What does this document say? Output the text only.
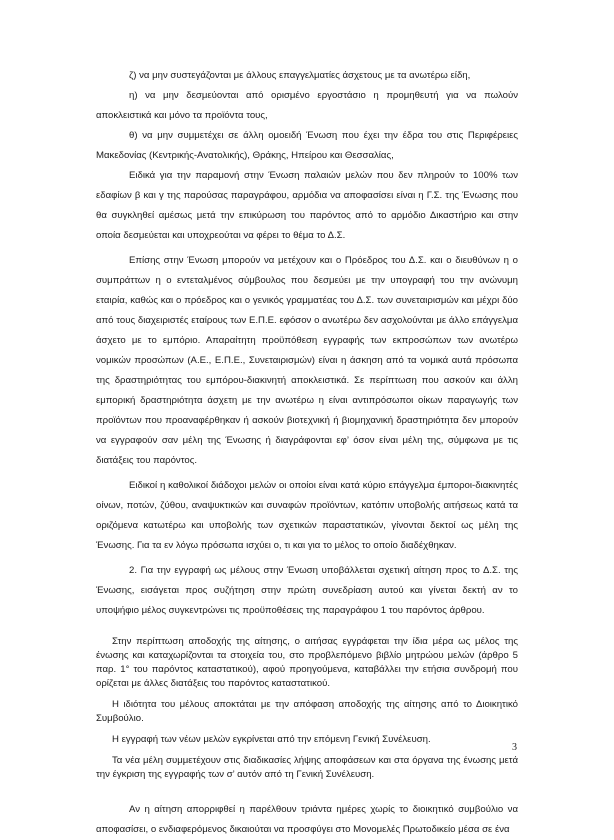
ζ) να μην συστεγάζονται με άλλους επαγγελματίες άσχετους με τα ανωτέρω είδη,

η) να μην δεσμεύονται από ορισμένο εργοστάσιο η προμηθευτή για να πωλούν αποκλειστικά και μόνο τα προϊόντα τους,

θ) να μην συμμετέχει σε άλλη ομοειδή Ένωση που έχει την έδρα του στις Περιφέρειες Μακεδονίας (Κεντρικής-Ανατολικής), Θράκης, Ηπείρου και Θεσσαλίας,

Ειδικά για την παραμονή στην Ένωση παλαιών μελών που δεν πληρούν το 100% των εδαφίων β και γ της παρούσας παραγράφου, αρμόδια να αποφασίσει είναι η Γ.Σ. της Ένωσης που θα συγκληθεί αμέσως μετά την επικύρωση του παρόντος από το αρμόδιο Δικαστήριο και στην οποία δεσμεύεται και υποχρεούται να φέρει το θέμα το Δ.Σ.

Επίσης στην Ένωση μπορούν να μετέχουν και ο Πρόεδρος του Δ.Σ. και ο διευθύνων η ο συμπράττων η ο εντεταλμένος σύμβουλος που δεσμεύει με την υπογραφή του την ανώνυμη εταιρία, καθώς και ο πρόεδρος και ο γενικός γραμματέας του Δ.Σ. των συνεταιρισμών και μέχρι δύο από τους διαχειριστές εταίρους των Ε.Π.Ε. εφόσον ο ανωτέρω δεν ασχολούνται με άλλο επάγγελμα άσχετο με το εμπόριο. Απαραίτητη προϋπόθεση εγγραφής των εκπροσώπων των ανωτέρω νομικών προσώπων (Α.Ε., Ε.Π.Ε., Συνεταιρισμών) είναι η άσκηση από τα νομικά αυτά πρόσωπα της δραστηριότητας του εμπόρου-διακινητή αποκλειστικά. Σε περίπτωση που ασκούν και άλλη εμπορική δραστηριότητα άσχετη με την ανωτέρω η είναι αντιπρόσωποι οίκων παραγωγής των προϊόντων που προαναφέρθηκαν ή ασκούν βιοτεχνική ή βιομηχανική δραστηριότητα δεν μπορούν να εγγραφούν σαν μέλη της Ένωσης ή διαγράφονται εφ’ όσον είναι μέλη της, σύμφωνα με τις διατάξεις του παρόντος.

Ειδικοί η καθολικοί διάδοχοι μελών οι οποίοι είναι κατά κύριο επάγγελμα έμποροι-διακινητές οίνων, ποτών, ζύθου, αναψυκτικών και συναφών προϊόντων, κατόπιν υποβολής αιτήσεως κατά τα οριζόμενα κατωτέρω και υποβολής των σχετικών παραστατικών, γίνονται δεκτοί ως μέλη της Ένωσης. Για τα εν λόγω πρόσωπα ισχύει ο, τι και για το μέλος το οποίο διαδέχθηκαν.

2. Για την εγγραφή ως μέλους στην Ένωση υποβάλλεται σχετική αίτηση προς το Δ.Σ. της Ένωσης, εισάγεται προς συζήτηση στην πρώτη συνεδρίαση αυτού και γίνεται δεκτή αν το υποψήφιο μέλος συγκεντρώνει τις προϋποθέσεις της παραγράφου 1 του παρόντος άρθρου.

Στην περίπτωση αποδοχής της αίτησης, ο αιτήσας εγγράφεται την ίδια μέρα ως μέλος της ένωσης και καταχωρίζονται τα στοιχεία του, στο προβλεπόμενο βιβλίο μητρώου μελών (άρθρο 5 παρ. 1° του παρόντος καταστατικού), αφού προηγούμενα, καταβάλλει την ετήσια συνδρομή που ορίζεται με άλλες διατάξεις του παρόντος καταστατικού.

Η ιδιότητα του μέλους αποκτάται με την απόφαση αποδοχής της αίτησης από το Διοικητικό Συμβούλιο.

Η εγγραφή των νέων μελών εγκρίνεται από την επόμενη Γενική Συνέλευση.

Τα νέα μέλη συμμετέχουν στις διαδικασίες λήψης αποφάσεων και στα όργανα της ένωσης μετά την έγκριση της εγγραφής των σ’ αυτόν από τη Γενική Συνέλευση.

Αν η αίτηση απορριφθεί η παρέλθουν τριάντα ημέρες χωρίς το διοικητικό συμβούλιο να αποφασίσει, ο ενδιαφερόμενος δικαιούται να προσφύγει στο Μονομελές Πρωτοδικείο μέσα σε ένα

3
